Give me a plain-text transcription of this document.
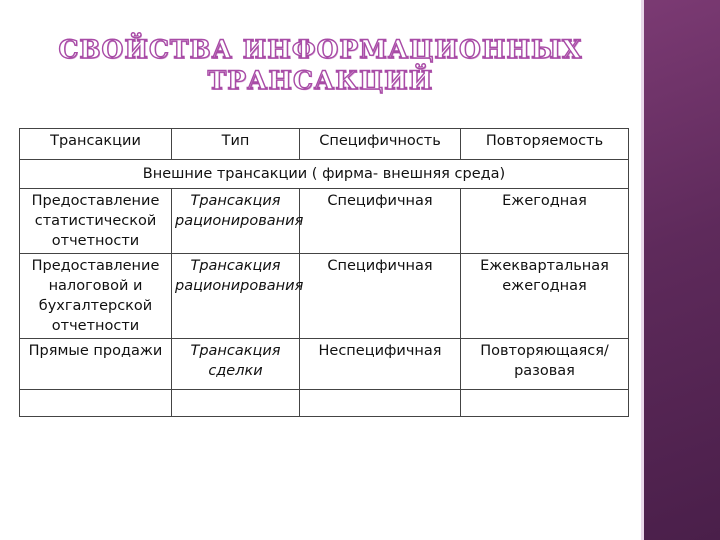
СВОЙСТВА ИНФОРМАЦИОННЫХ
ТРАНСАКЦИЙ
Трансакции	Тип	Специфичность	Повторяемость
Внешние трансакции ( фирма- внешняя среда)			
Предоставление статистической отчетности	Трансакция рационирования	Специфичная	Ежегодная
Предоставление налоговой и бухгалтерской отчетности	Трансакция рационирования	Специфичная	Ежеквартальная ежегодная
Прямые продажи	Трансакция сделки	Неспецифичная	Повторяющаяся/разовая
